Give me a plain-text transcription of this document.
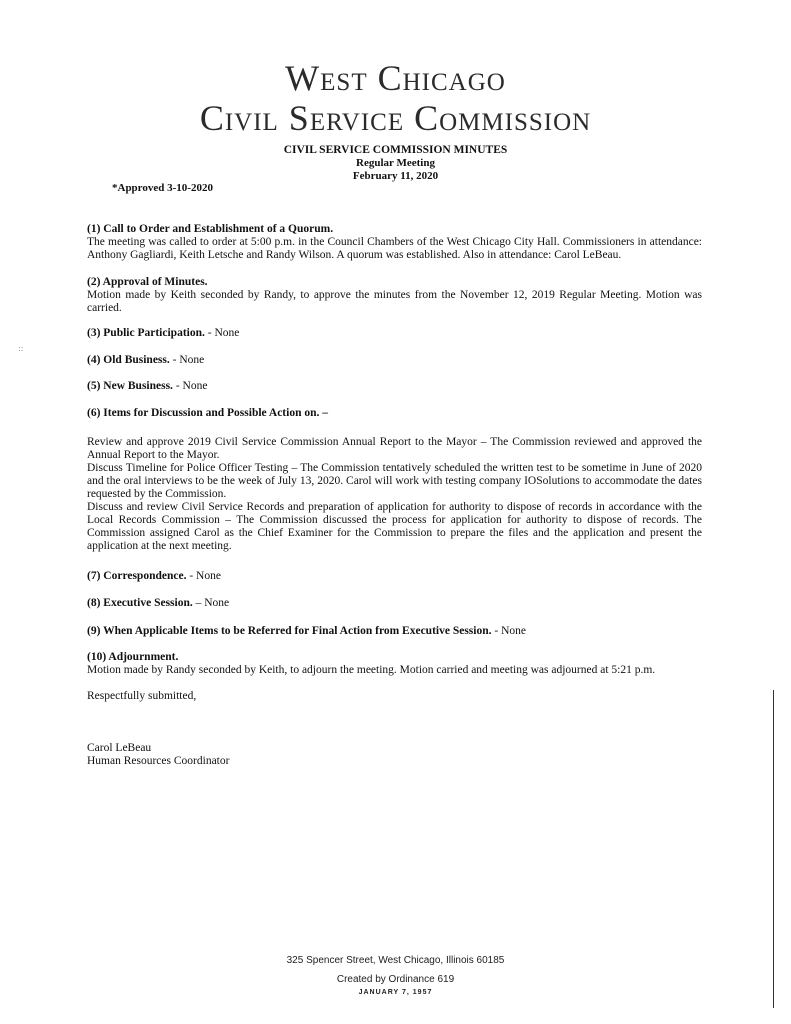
West Chicago
Civil Service Commission
CIVIL SERVICE COMMISSION MINUTES
Regular Meeting
February 11, 2020
*Approved 3-10-2020
::

(1) Call to Order and Establishment of a Quorum.

The meeting was called to order at 5:00 p.m. in the Council Chambers of the West Chicago City Hall. Commissioners in attendance: Anthony Gagliardi, Keith Letsche and Randy Wilson. A quorum was established. Also in attendance: Carol LeBeau.

(2) Approval of Minutes.

Motion made by Keith seconded by Randy, to approve the minutes from the November 12, 2019 Regular Meeting. Motion was carried.

(3) Public Participation. - None

(4) Old Business. - None

(5) New Business. - None

(6) Items for Discussion and Possible Action on. –

Review and approve 2019 Civil Service Commission Annual Report to the Mayor – The Commission reviewed and approved the Annual Report to the Mayor.

Discuss Timeline for Police Officer Testing – The Commission tentatively scheduled the written test to be sometime in June of 2020 and the oral interviews to be the week of July 13, 2020. Carol will work with testing company IOSolutions to accommodate the dates requested by the Commission.

Discuss and review Civil Service Records and preparation of application for authority to dispose of records in accordance with the Local Records Commission – The Commission discussed the process for application for authority to dispose of records. The Commission assigned Carol as the Chief Examiner for the Commission to prepare the files and the application and present the application at the next meeting.

(7) Correspondence. - None

(8) Executive Session. – None

(9) When Applicable Items to be Referred for Final Action from Executive Session. - None

(10) Adjournment.

Motion made by Randy seconded by Keith, to adjourn the meeting. Motion carried and meeting was adjourned at 5:21 p.m.

Respectfully submitted,

Carol LeBeau

Human Resources Coordinator

325 Spencer Street, West Chicago, Illinois 60185
Created by Ordinance 619
JANUARY 7, 1957
